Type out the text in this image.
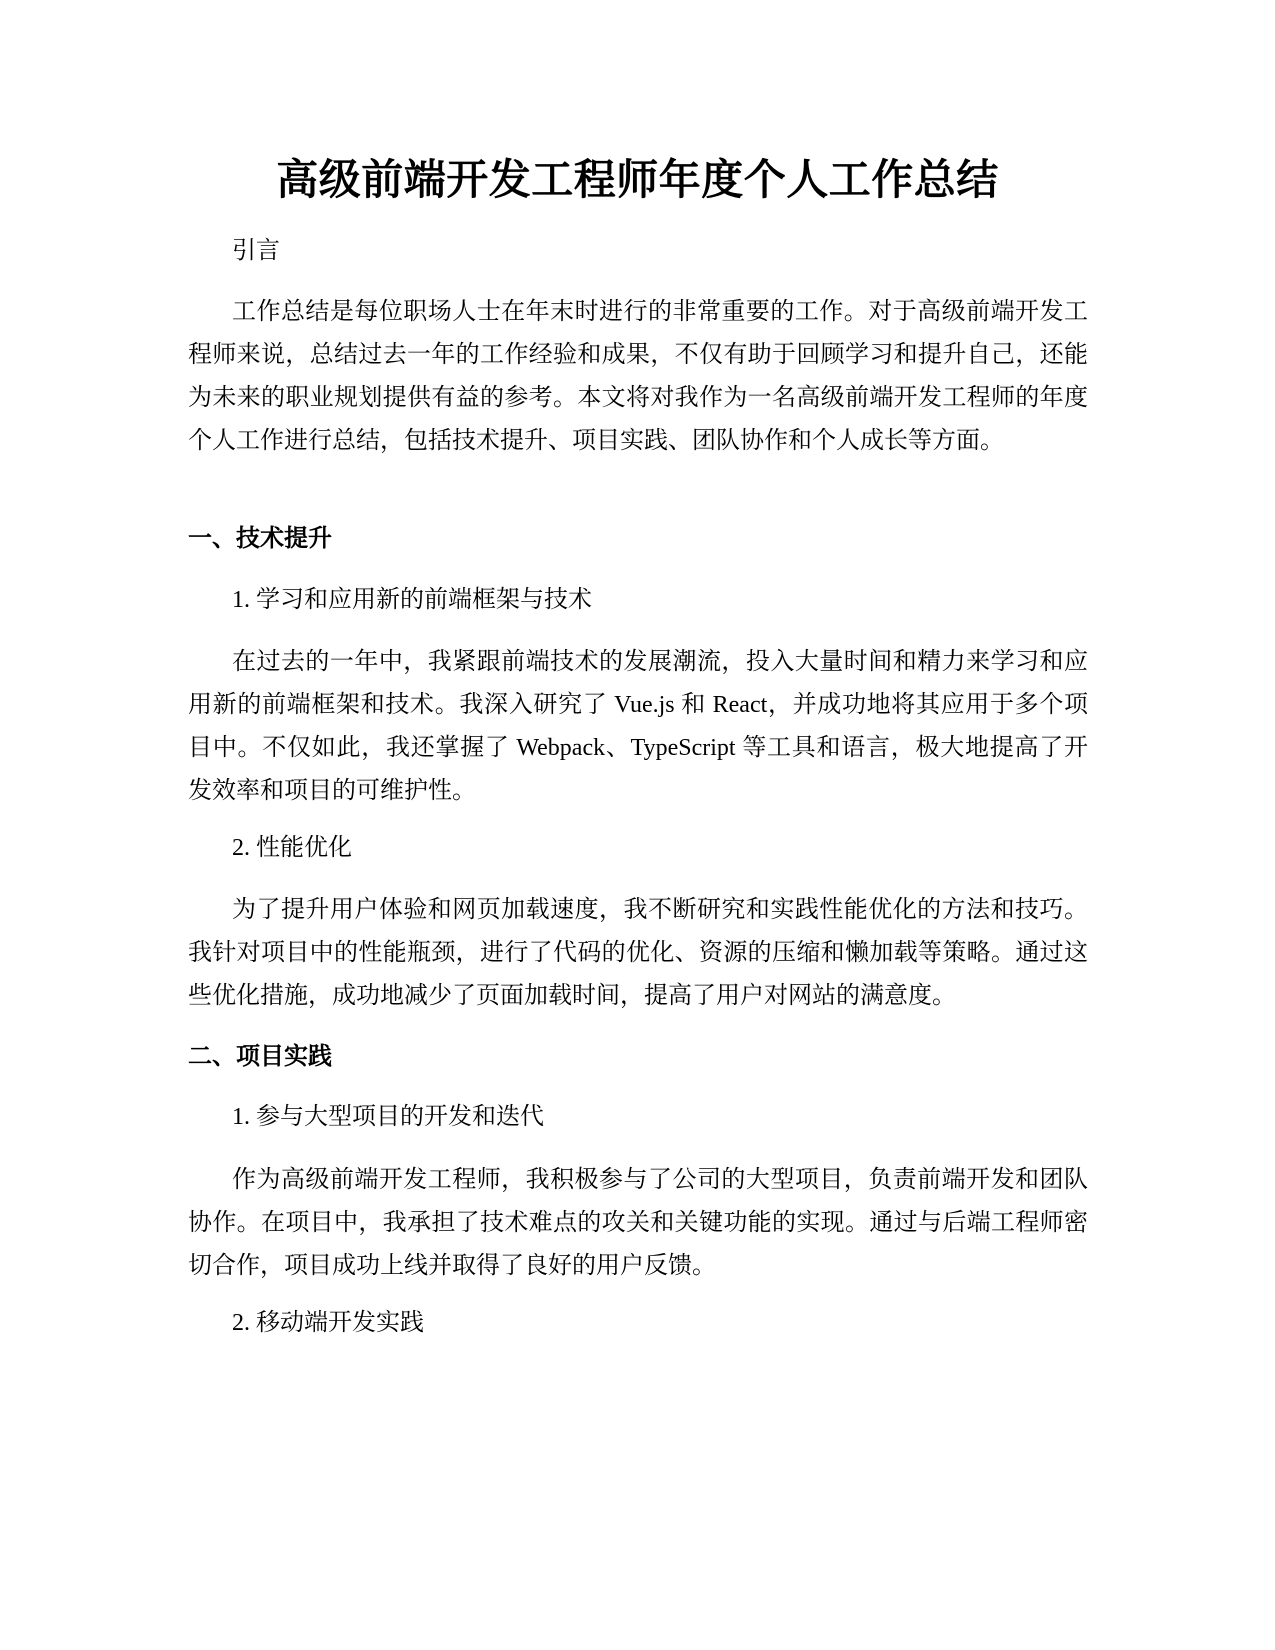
高级前端开发工程师年度个人工作总结

引言

工作总结是每位职场人士在年末时进行的非常重要的工作。对于高级前端开发工程师来说，总结过去一年的工作经验和成果，不仅有助于回顾学习和提升自己，还能为未来的职业规划提供有益的参考。本文将对我作为一名高级前端开发工程师的年度个人工作进行总结，包括技术提升、项目实践、团队协作和个人成长等方面。

一、技术提升

1. 学习和应用新的前端框架与技术

在过去的一年中，我紧跟前端技术的发展潮流，投入大量时间和精力来学习和应用新的前端框架和技术。我深入研究了 Vue.js 和 React，并成功地将其应用于多个项目中。不仅如此，我还掌握了 Webpack、TypeScript 等工具和语言，极大地提高了开发效率和项目的可维护性。

2. 性能优化

为了提升用户体验和网页加载速度，我不断研究和实践性能优化的方法和技巧。我针对项目中的性能瓶颈，进行了代码的优化、资源的压缩和懒加载等策略。通过这些优化措施，成功地减少了页面加载时间，提高了用户对网站的满意度。

二、项目实践

1. 参与大型项目的开发和迭代

作为高级前端开发工程师，我积极参与了公司的大型项目，负责前端开发和团队协作。在项目中，我承担了技术难点的攻关和关键功能的实现。通过与后端工程师密切合作，项目成功上线并取得了良好的用户反馈。

2. 移动端开发实践
